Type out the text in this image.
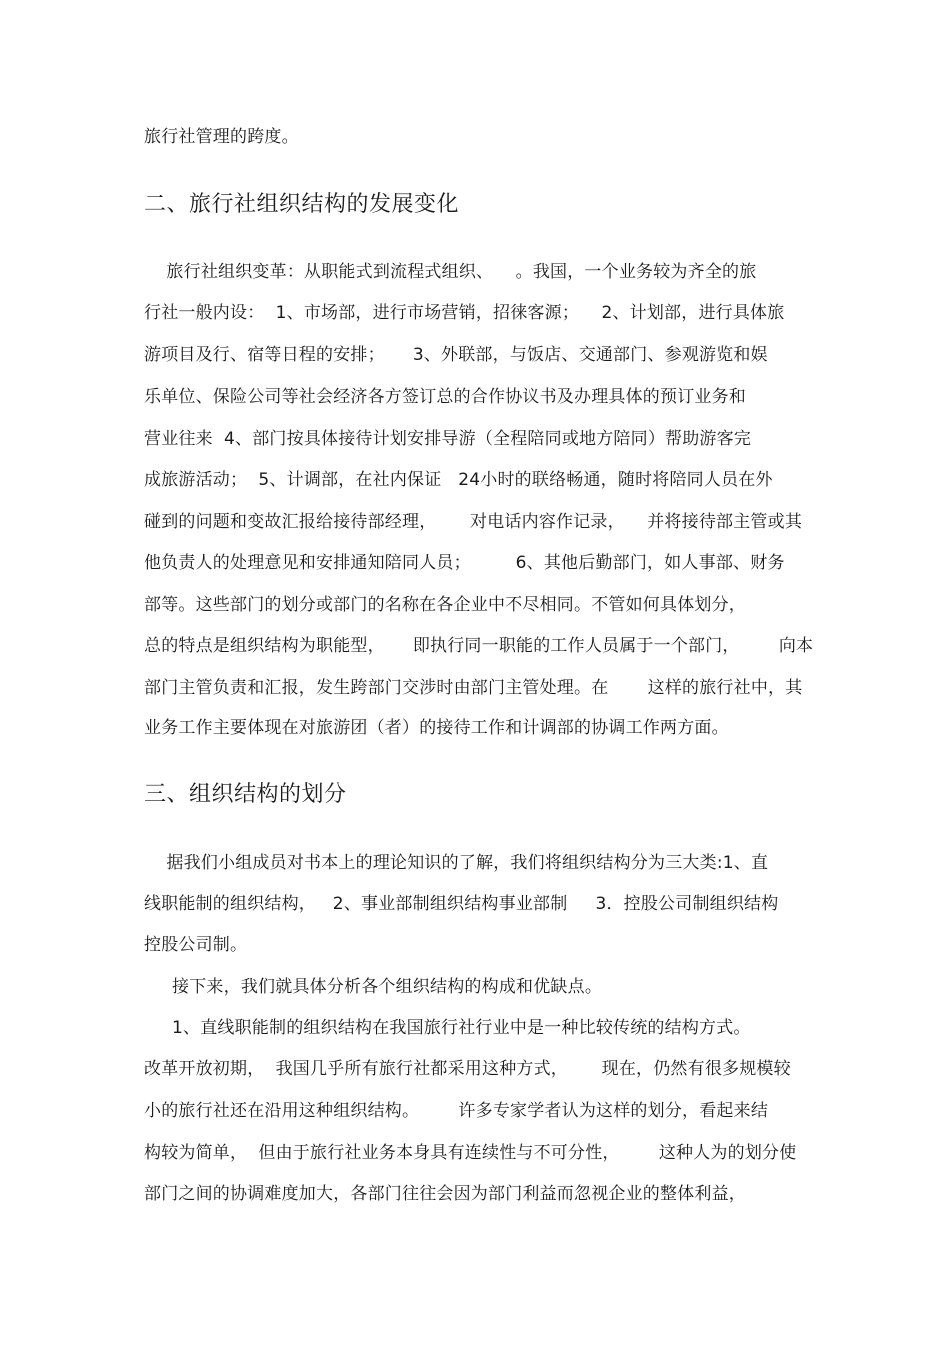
旅行社管理的跨度。
二、旅行社组织结构的发展变化
旅行社组织变革：从职能式到流程式组织、    。我国，一个业务较为齐全的旅
行社一般内设：  1、市场部，进行市场营销，招徕客源；    2、计划部，进行具体旅
游项目及行、宿等日程的安排；     3、外联部，与饭店、交通部门、参观游览和娱
乐单位、保险公司等社会经济各方签订总的合作协议书及办理具体的预订业务和
营业往来  4、部门按具体接待计划安排导游（全程陪同或地方陪同）帮助游客完
成旅游活动；  5、计调部，在社内保证   24小时的联络畅通，随时将陪同人员在外
碰到的问题和变故汇报给接待部经理，      对电话内容作记录，    并将接待部主管或其
他负责人的处理意见和安排通知陪同人员；        6、其他后勤部门，如人事部、财务
部等。这些部门的划分或部门的名称在各企业中不尽相同。不管如何具体划分，
总的特点是组织结构为职能型，     即执行同一职能的工作人员属于一个部门，       向本
部门主管负责和汇报，发生跨部门交涉时由部门主管处理。在       这样的旅行社中，其
业务工作主要体现在对旅游团（者）的接待工作和计调部的协调工作两方面。
三、组织结构的划分
据我们小组成员对书本上的理论知识的了解，我们将组织结构分为三大类:1、直
线职能制的组织结构，   2、事业部制组织结构事业部制     3．控股公司制组织结构
控股公司制。
接下来，我们就具体分析各个组织结构的构成和优缺点。
1、直线职能制的组织结构在我国旅行社行业中是一种比较传统的结构方式。
改革开放初期，  我国几乎所有旅行社都采用这种方式，      现在，仍然有很多规模较
小的旅行社还在沿用这种组织结构。       许多专家学者认为这样的划分，看起来结
构较为简单，  但由于旅行社业务本身具有连续性与不可分性，       这种人为的划分使
部门之间的协调难度加大，各部门往往会因为部门利益而忽视企业的整体利益，
